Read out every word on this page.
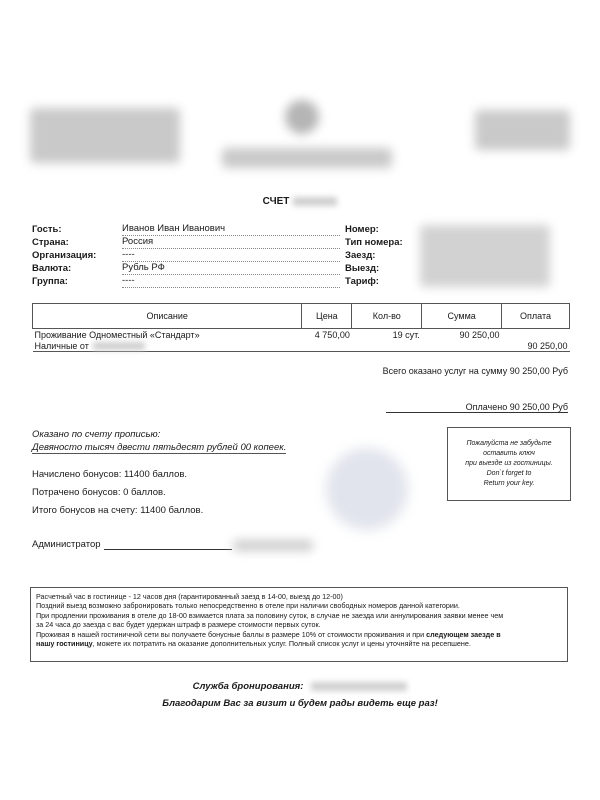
СЧЕТ
Гость:	Иванов Иван Иванович
Страна:	Россия
Организация:	----
Валюта:	Рубль РФ
Группа:	----
Номер:
Тип номера:
Заезд:
Выезд:
Тариф:
Описание	Цена	Кол-во	Сумма	Оплата
Проживание Одноместный «Стандарт»	4 750,00	19 сут.	90 250,00	
Наличные от				90 250,00
Всего оказано услуг на сумму 90 250,00 Руб
Оплачено 90 250,00 Руб
Оказано по счету прописью:
Девяносто тысяч двести пятьдесят рублей 00 копеек.	Пожалуйста не забудьте
оставить ключ
при выезде из гостиницы.
Don`t forget to
Return your key.
Начислено бонусов: 11400 баллов.
Потрачено бонусов: 0 баллов.
Итого бонусов на счету: 11400 баллов.
Администратор
Расчетный час в гостинице - 12 часов дня (гарантированный заезд в 14-00, выезд до 12-00)
Поздний выезд возможно забронировать только непосредственно в отеле при наличии свободных номеров данной категории.
При продлении проживания в отеле до 18-00 взимается плата за половину суток, в случае не заезда или аннулирования заявки менее чем
за 24 часа до заезда с вас будет удержан штраф в размере стоимости первых суток.
Проживая в нашей гостиничной сети вы получаете бонусные баллы в размере 10% от стоимости проживания и при следующем заезде в
нашу гостиницу, можете их потратить на оказание дополнительных услуг. Полный список услуг и цены уточняйте на ресепшене.
Служба бронирования:
Благодарим Вас за визит и будем рады видеть еще раз!
